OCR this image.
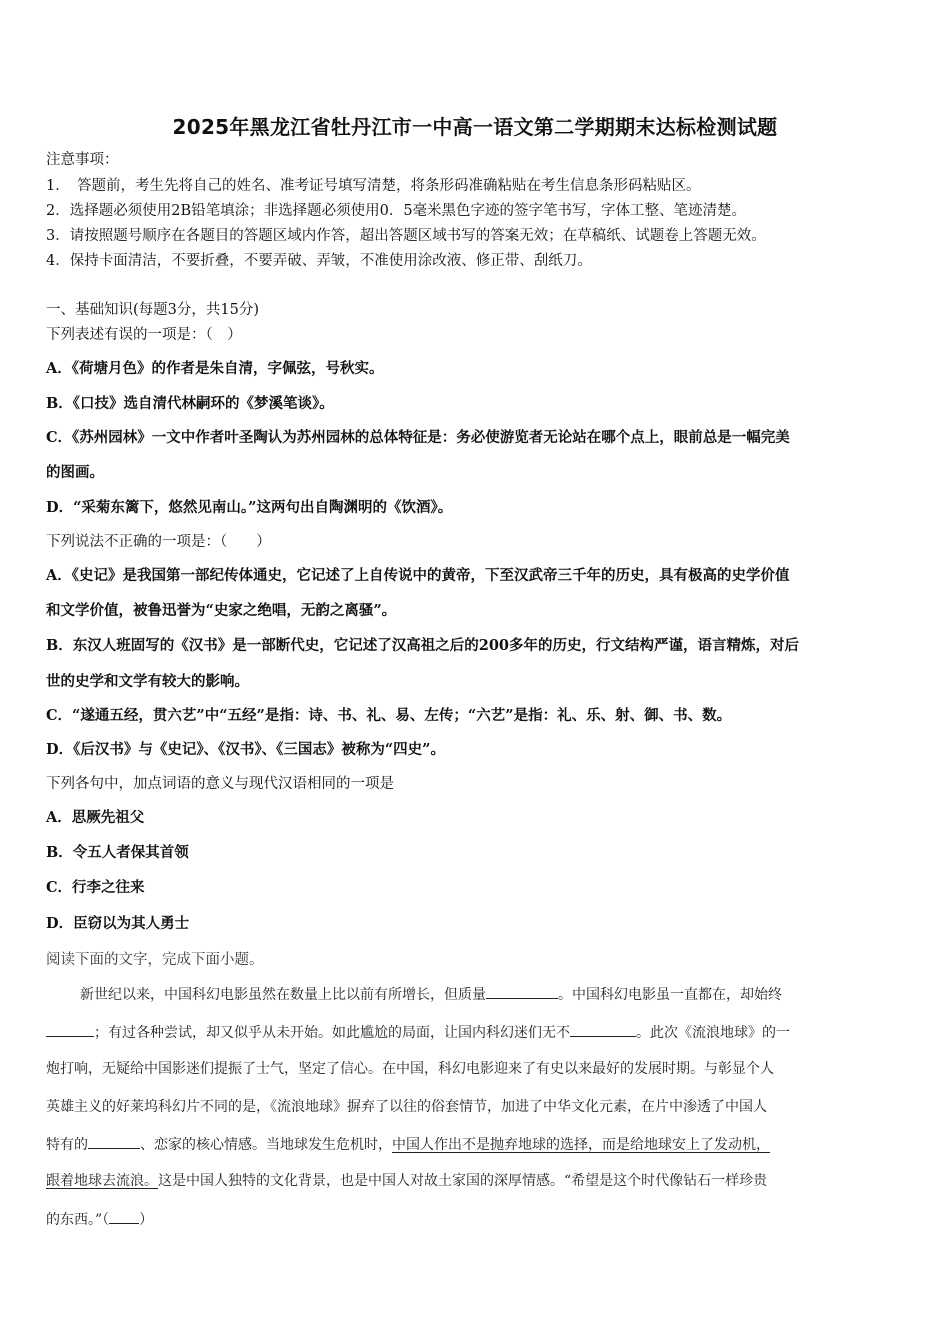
2025年黑龙江省牡丹江市一中高一语文第二学期期末达标检测试题
注意事项：
1．　答题前，考生先将自己的姓名、准考证号填写清楚，将条形码准确粘贴在考生信息条形码粘贴区。
2．选择题必须使用2B铅笔填涂；非选择题必须使用0．5毫米黑色字迹的签字笔书写，字体工整、笔迹清楚。
3．请按照题号顺序在各题目的答题区域内作答，超出答题区域书写的答案无效；在草稿纸、试题卷上答题无效。
4．保持卡面清洁，不要折叠，不要弄破、弄皱，不准使用涂改液、修正带、刮纸刀。
一、基础知识(每题3分，共15分)
下列表述有误的一项是：（　）
A．《荷塘月色》的作者是朱自清，字佩弦，号秋实。
B．《口技》选自清代林嗣环的《梦溪笔谈》。
C．《苏州园林》一文中作者叶圣陶认为苏州园林的总体特征是：务必使游览者无论站在哪个点上，眼前总是一幅完美
的图画。
D．“采菊东篱下，悠然见南山。”这两句出自陶渊明的《饮酒》。
下列说法不正确的一项是：（　　）
A．《史记》是我国第一部纪传体通史，它记述了上自传说中的黄帝，下至汉武帝三千年的历史，具有极高的史学价值
和文学价值，被鲁迅誉为“史家之绝唱，无韵之离骚”。
B．东汉人班固写的《汉书》是一部断代史，它记述了汉高祖之后的200多年的历史，行文结构严谨，语言精炼，对后
世的史学和文学有较大的影响。
C．“遂通五经，贯六艺”中“五经”是指：诗、书、礼、易、左传；“六艺”是指：礼、乐、射、御、书、数。
D．《后汉书》与《史记》、《汉书》、《三国志》被称为“四史”。
下列各句中，加点词语的意义与现代汉语相同的一项是
A．思厥先祖父
B．令五人者保其首领
C．行李之往来
D．臣窃以为其人勇士
阅读下面的文字，完成下面小题。
新世纪以来，中国科幻电影虽然在数量上比以前有所增长，但质量	。中国科幻电影虽一直都在，却始终
；有过各种尝试，却又似乎从未开始。如此尴尬的局面，让国内科幻迷们无不	。此次《流浪地球》的一
炮打响，无疑给中国影迷们提振了士气，坚定了信心。在中国，科幻电影迎来了有史以来最好的发展时期。与彰显个人
英雄主义的好莱坞科幻片不同的是，《流浪地球》摒弃了以往的俗套情节，加进了中华文化元素，在片中渗透了中国人
特有的	、恋家的核心情感。当地球发生危机时，中国人作出不是抛弃地球的选择，而是给地球安上了发动机，
跟着地球去流浪。这是中国人独特的文化背景，也是中国人对故土家国的深厚情感。“希望是这个时代像钻石一样珍贵
的东西。”（ ）
